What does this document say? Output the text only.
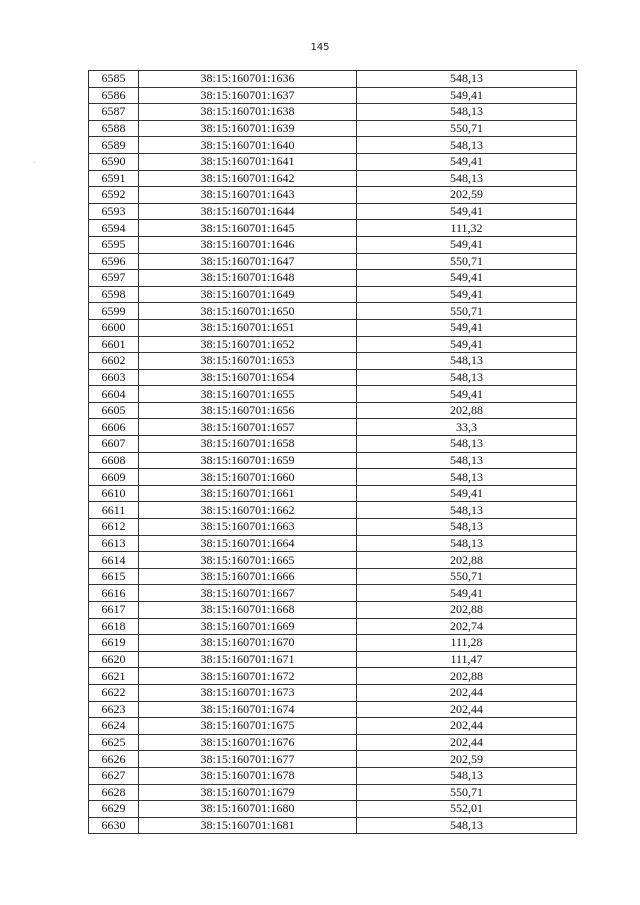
145
.
6585	38:15:160701:1636	548,13
6586	38:15:160701:1637	549,41
6587	38:15:160701:1638	548,13
6588	38:15:160701:1639	550,71
6589	38:15:160701:1640	548,13
6590	38:15:160701:1641	549,41
6591	38:15:160701:1642	548,13
6592	38:15:160701:1643	202,59
6593	38:15:160701:1644	549,41
6594	38:15:160701:1645	111,32
6595	38:15:160701:1646	549,41
6596	38:15:160701:1647	550,71
6597	38:15:160701:1648	549,41
6598	38:15:160701:1649	549,41
6599	38:15:160701:1650	550,71
6600	38:15:160701:1651	549,41
6601	38:15:160701:1652	549,41
6602	38:15:160701:1653	548,13
6603	38:15:160701:1654	548,13
6604	38:15:160701:1655	549,41
6605	38:15:160701:1656	202,88
6606	38:15:160701:1657	33,3
6607	38:15:160701:1658	548,13
6608	38:15:160701:1659	548,13
6609	38:15:160701:1660	548,13
6610	38:15:160701:1661	549,41
6611	38:15:160701:1662	548,13
6612	38:15:160701:1663	548,13
6613	38:15:160701:1664	548,13
6614	38:15:160701:1665	202,88
6615	38:15:160701:1666	550,71
6616	38:15:160701:1667	549,41
6617	38:15:160701:1668	202,88
6618	38:15:160701:1669	202,74
6619	38:15:160701:1670	111,28
6620	38:15:160701:1671	111,47
6621	38:15:160701:1672	202,88
6622	38:15:160701:1673	202,44
6623	38:15:160701:1674	202,44
6624	38:15:160701:1675	202,44
6625	38:15:160701:1676	202,44
6626	38:15:160701:1677	202,59
6627	38:15:160701:1678	548,13
6628	38:15:160701:1679	550,71
6629	38:15:160701:1680	552,01
6630	38:15:160701:1681	548,13
